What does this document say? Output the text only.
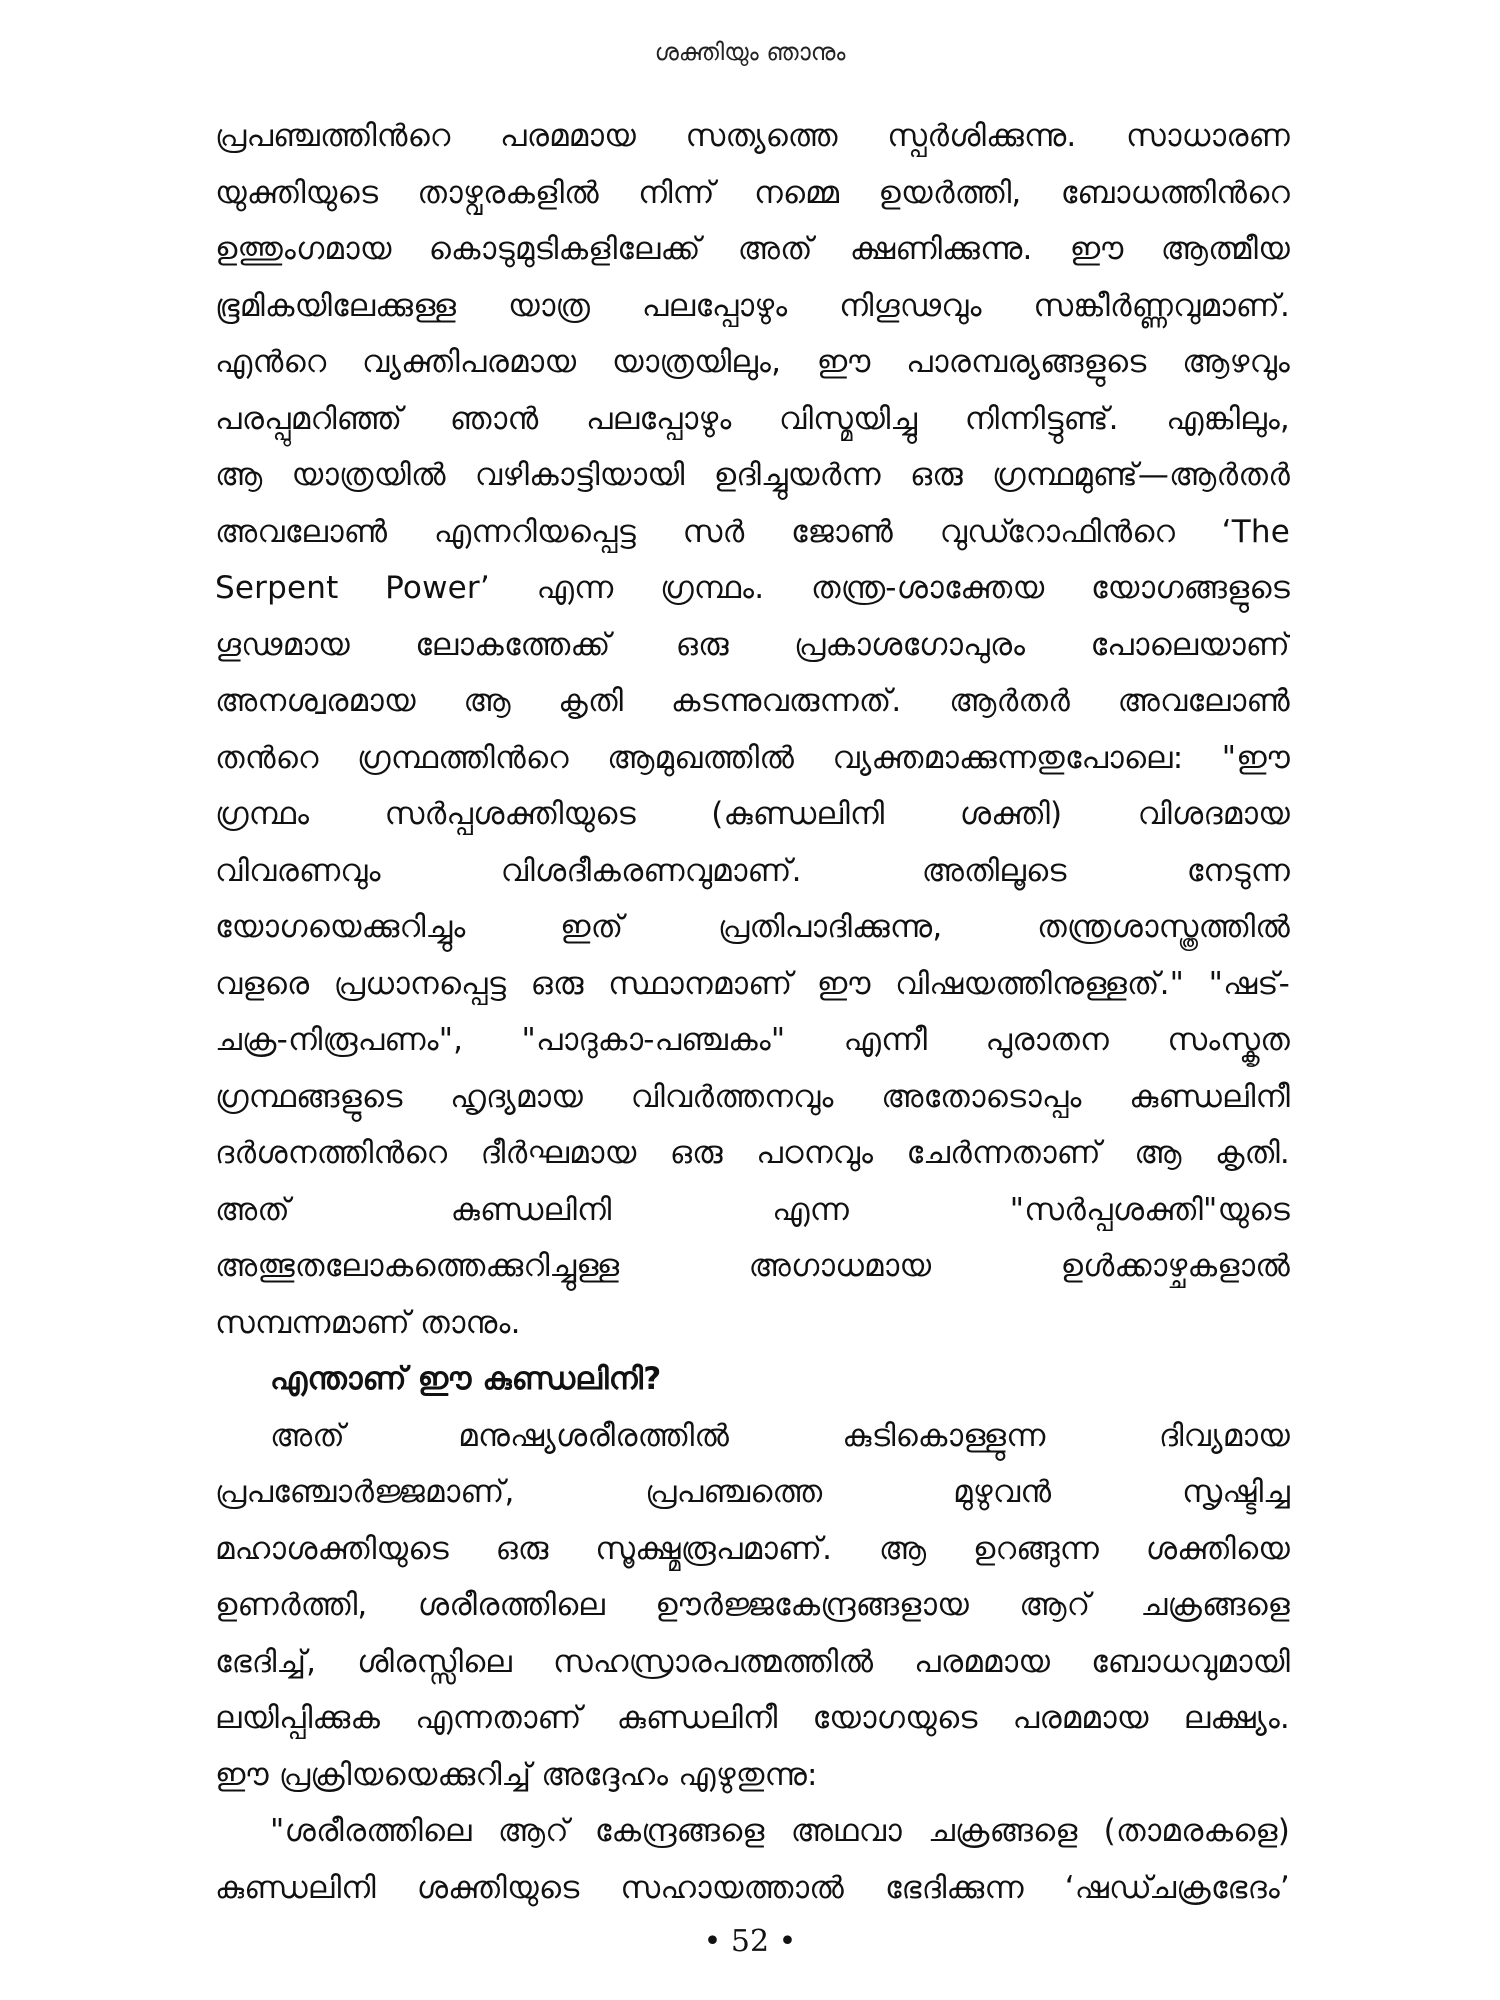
ശക്തിയും ഞാനും
പ്രപഞ്ചത്തിൻറെ പരമമായ സത്യത്തെ സ്പർശിക്കുന്നു. സാധാരണ
യുക്തിയുടെ താഴ്വരകളിൽ നിന്ന് നമ്മെ ഉയർത്തി, ബോധത്തിൻറെ
ഉത്തുംഗമായ കൊടുമുടികളിലേക്ക് അത് ക്ഷണിക്കുന്നു. ഈ ആത്മീയ
ഭൂമികയിലേക്കുള്ള യാത്ര പലപ്പോഴും നിഗൂഢവും സങ്കീർണ്ണവുമാണ്.
എൻറെ വ്യക്തിപരമായ യാത്രയിലും, ഈ പാരമ്പര്യങ്ങളുടെ ആഴവും
പരപ്പുമറിഞ്ഞ് ഞാൻ പലപ്പോഴും വിസ്മയിച്ചു നിന്നിട്ടുണ്ട്. എങ്കിലും,
ആ യാത്രയിൽ വഴികാട്ടിയായി ഉദിച്ചുയർന്ന ഒരു ഗ്രന്ഥമുണ്ട്—ആർതർ
അവലോൺ എന്നറിയപ്പെട്ട സർ ജോൺ വുഡ്റോഫിൻറെ ‘The
Serpent Power’ എന്ന ഗ്രന്ഥം. തന്ത്ര-ശാക്തേയ യോഗങ്ങളുടെ
ഗൂഢമായ ലോകത്തേക്ക് ഒരു പ്രകാശഗോപുരം പോലെയാണ്
അനശ്വരമായ ആ കൃതി കടന്നുവരുന്നത്. ആർതർ അവലോൺ
തൻറെ ഗ്രന്ഥത്തിൻറെ ആമുഖത്തിൽ വ്യക്തമാക്കുന്നതുപോലെ: "ഈ
ഗ്രന്ഥം സർപ്പശക്തിയുടെ (കുണ്ഡലിനി ശക്തി) വിശദമായ
വിവരണവും വിശദീകരണവുമാണ്. അതിലൂടെ നേടുന്ന
യോഗയെക്കുറിച്ചും ഇത് പ്രതിപാദിക്കുന്നു, തന്ത്രശാസ്ത്രത്തിൽ
വളരെ പ്രധാനപ്പെട്ട ഒരു സ്ഥാനമാണ് ഈ വിഷയത്തിനുള്ളത്." "ഷട്-
ചക്ര-നിരൂപണം", "പാദുകാ-പഞ്ചകം" എന്നീ പുരാതന സംസ്കൃത
ഗ്രന്ഥങ്ങളുടെ ഹൃദ്യമായ വിവർത്തനവും അതോടൊപ്പം കുണ്ഡലിനീ
ദർശനത്തിൻറെ ദീർഘമായ ഒരു പഠനവും ചേർന്നതാണ് ആ കൃതി.
അത് കുണ്ഡലിനി എന്ന "സർപ്പശക്തി"യുടെ
അത്ഭുതലോകത്തെക്കുറിച്ചുള്ള അഗാധമായ ഉൾക്കാഴ്ചകളാൽ
സമ്പന്നമാണ് താനും.
എന്താണ് ഈ കുണ്ഡലിനി?
അത് മനുഷ്യശരീരത്തിൽ കുടികൊള്ളുന്ന ദിവ്യമായ
പ്രപഞ്ചോർജ്ജമാണ്, പ്രപഞ്ചത്തെ മുഴുവൻ സൃഷ്ടിച്ച
മഹാശക്തിയുടെ ഒരു സൂക്ഷ്മരൂപമാണ്. ആ ഉറങ്ങുന്ന ശക്തിയെ
ഉണർത്തി, ശരീരത്തിലെ ഊർജ്ജകേന്ദ്രങ്ങളായ ആറ് ചക്രങ്ങളെ
ഭേദിച്ച്, ശിരസ്സിലെ സഹസ്രാരപത്മത്തിൽ പരമമായ ബോധവുമായി
ലയിപ്പിക്കുക എന്നതാണ് കുണ്ഡലിനീ യോഗയുടെ പരമമായ ലക്ഷ്യം.
ഈ പ്രക്രിയയെക്കുറിച്ച് അദ്ദേഹം എഴുതുന്നു:
"ശരീരത്തിലെ ആറ് കേന്ദ്രങ്ങളെ അഥവാ ചക്രങ്ങളെ (താമരകളെ)
കുണ്ഡലിനി ശക്തിയുടെ സഹായത്താൽ ഭേദിക്കുന്ന ‘ഷഡ്ചക്രഭേദം’
• 52 •
